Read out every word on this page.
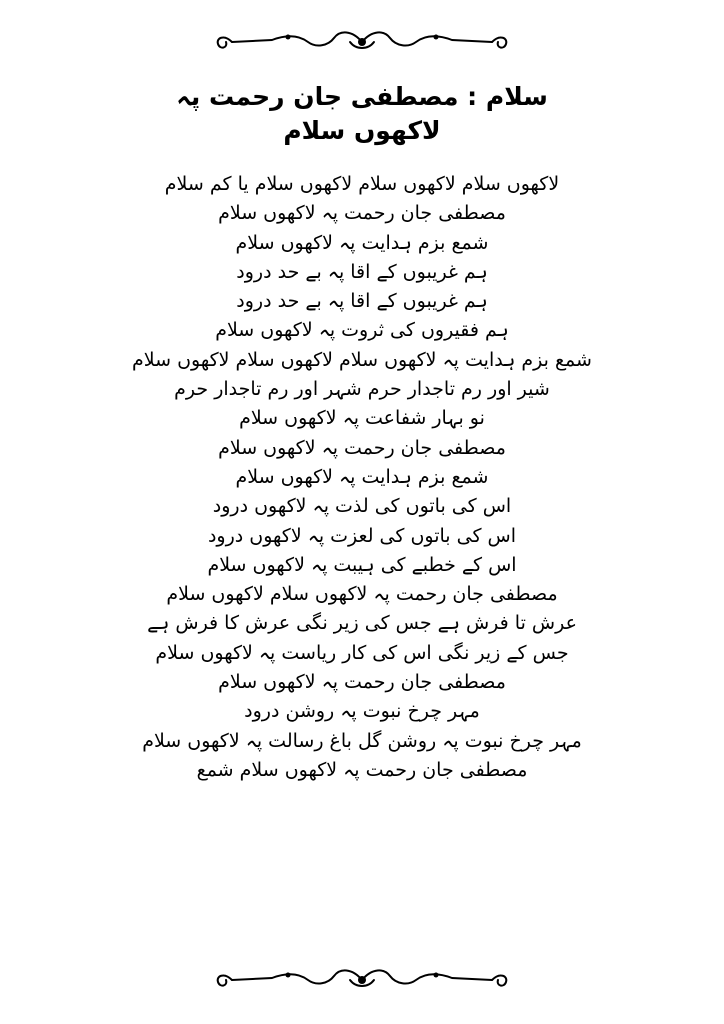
سلام : مصطفی جان رحمت پہ
لاکھوں سلام
لاکھوں سلام لاکھوں سلام لاکھوں سلام یا کم سلام
مصطفی جان رحمت پہ لاکھوں سلام
شمع بزم ہدایت پہ لاکھوں سلام
ہم غریبوں کے اقا پہ بے حد درود
ہم غریبوں کے اقا پہ بے حد درود
ہم فقیروں کی ثروت پہ لاکھوں سلام
شمع بزم ہدایت پہ لاکھوں سلام لاکھوں سلام لاکھوں سلام
شیر اور رم تاجدار حرم شہر اور رم تاجدار حرم
نو بہار شفاعت پہ لاکھوں سلام
مصطفی جان رحمت پہ لاکھوں سلام
شمع بزم ہدایت پہ لاکھوں سلام
اس کی باتوں کی لذت پہ لاکھوں درود
اس کی باتوں کی لعزت پہ لاکھوں درود
اس کے خطبے کی ہیبت پہ لاکھوں سلام
مصطفی جان رحمت پہ لاکھوں سلام لاکھوں سلام
عرش تا فرش ہے جس کی زیر نگی عرش کا فرش ہے
جس کے زیر نگی اس کی کار ریاست پہ لاکھوں سلام
مصطفی جان رحمت پہ لاکھوں سلام
مہر چرخ نبوت پہ روشن درود
مہر چرخ نبوت پہ روشن گل باغ رسالت پہ لاکھوں سلام
مصطفی جان رحمت پہ لاکھوں سلام شمع
